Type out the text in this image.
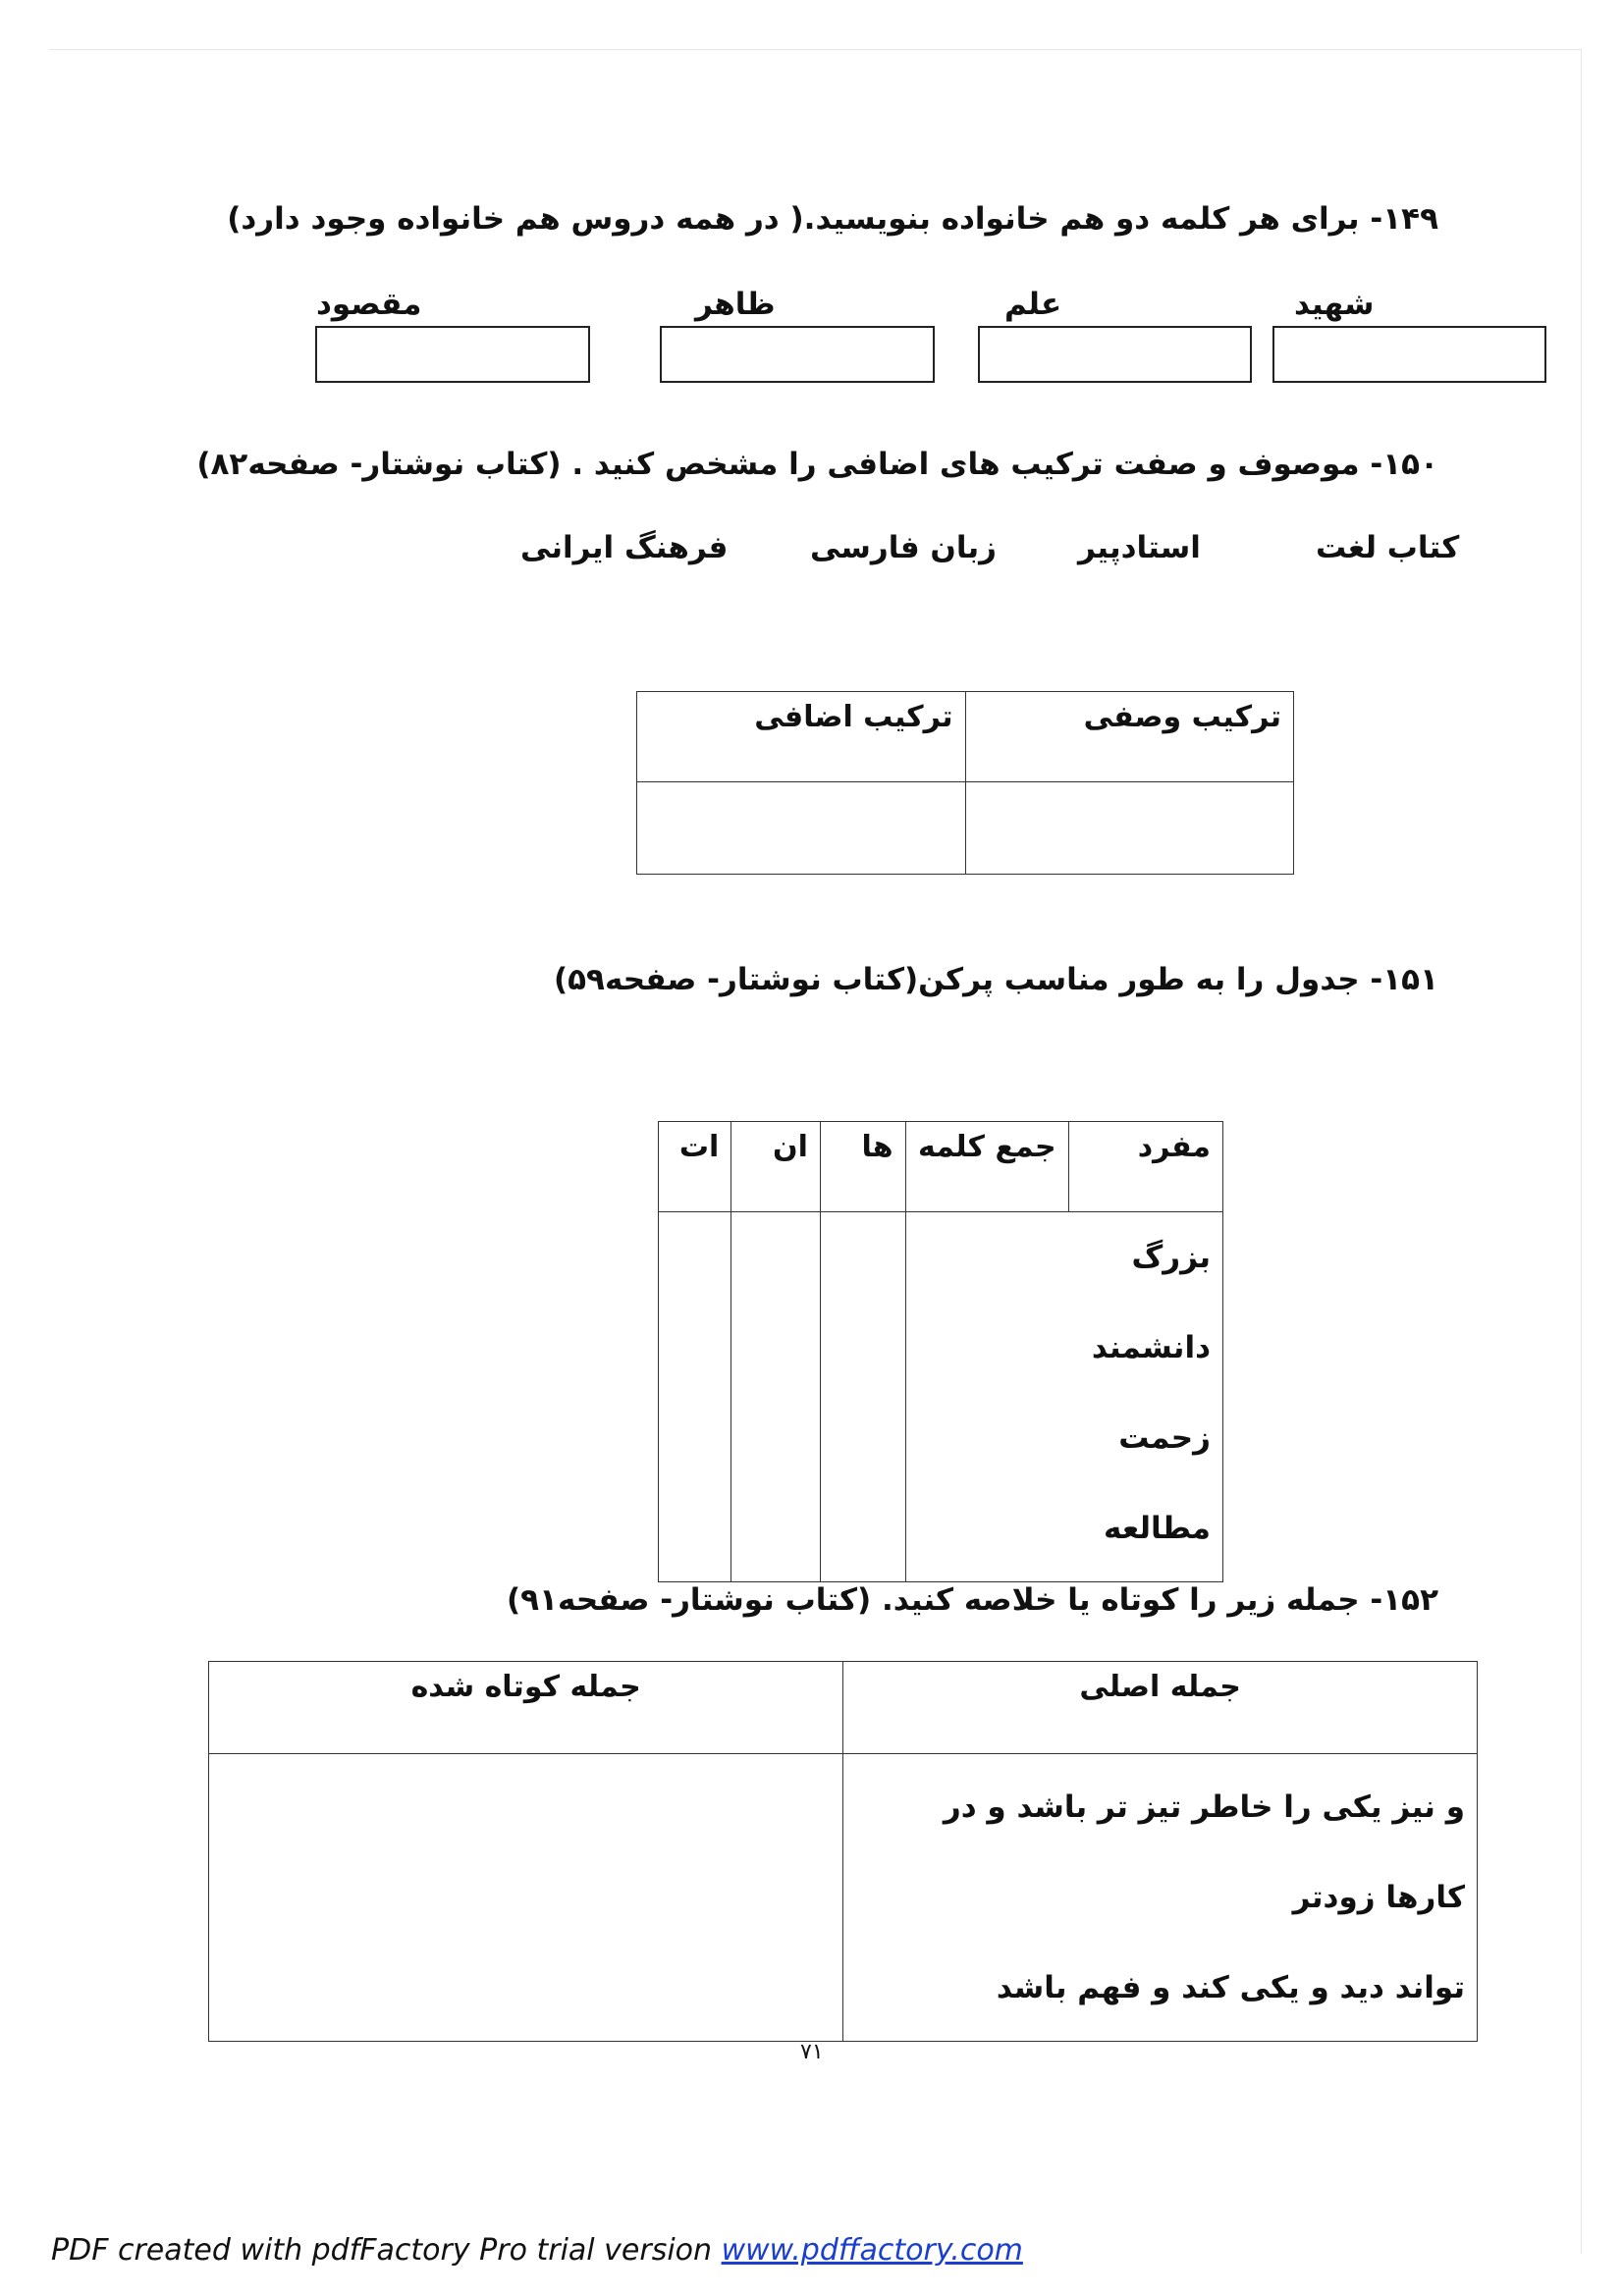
۱۴۹- برای هر کلمه دو هم خانواده بنویسید.( در همه دروس هم خانواده وجود دارد)
شهید
علم
ظاهر
مقصود
۱۵۰- موصوف و صفت ترکیب های اضافی را مشخص کنید . (کتاب نوشتار- صفحه۸۲)
کتاب لغت
استادپیر
زبان فارسی
فرهنگ ایرانی
ترکیب وصفی	ترکیب اضافی

۱۵۱- جدول را به طور مناسب پرکن(کتاب نوشتار- صفحه۵۹)
مفرد	جمع کلمه	ها	ان	ات

بزرگ
دانشمند
زحمت
مطالعه				

۱۵۲- جمله زیر را کوتاه یا خلاصه کنید. (کتاب نوشتار- صفحه۹۱)
جمله اصلی	جمله کوتاه شده

و نیز یکی را خاطر تیز تر باشد و در کارها زودتر
تواند دید و یکی کند و فهم باشد	

۷۱
PDF created with pdfFactory Pro trial version www.pdffactory.com
